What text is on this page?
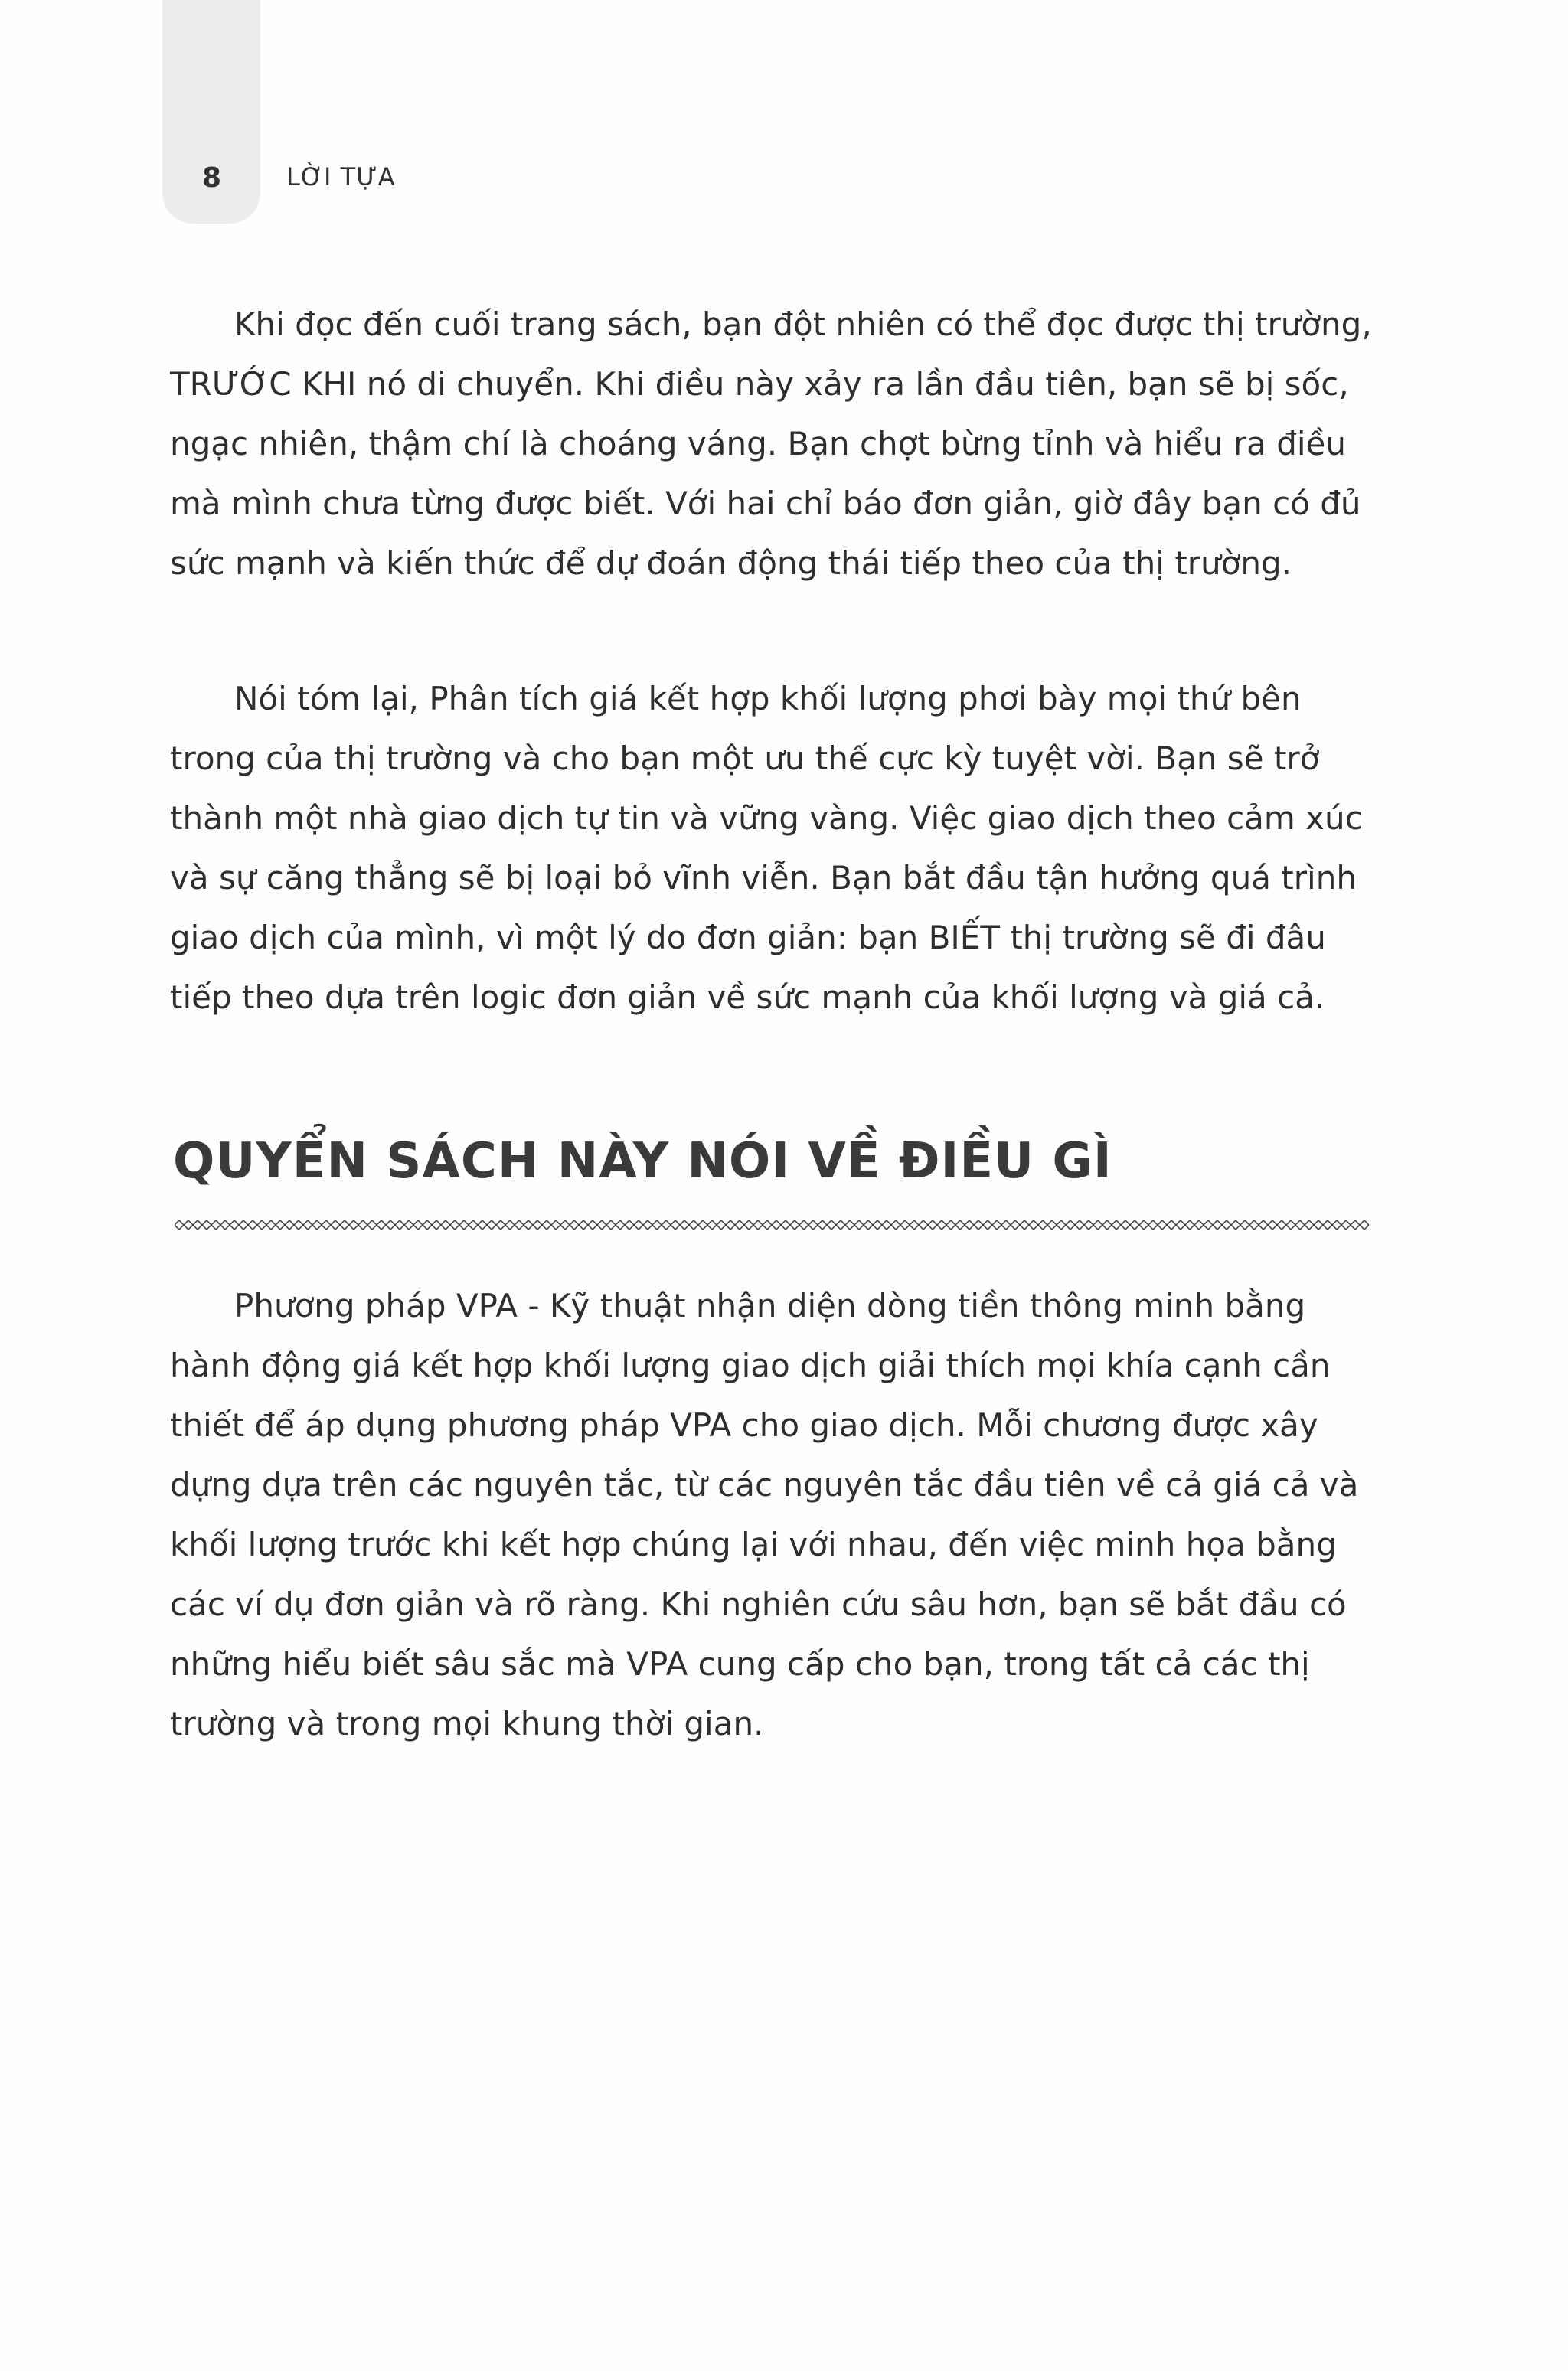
8	LỜI TỰA

Khi đọc đến cuối trang sách, bạn đột nhiên có thể đọc được thị trường, TRƯỚC KHI nó di chuyển. Khi điều này xảy ra lần đầu tiên, bạn sẽ bị sốc, ngạc nhiên, thậm chí là choáng váng. Bạn chợt bừng tỉnh và hiểu ra điều mà mình chưa từng được biết. Với hai chỉ báo đơn giản, giờ đây bạn có đủ sức mạnh và kiến thức để dự đoán động thái tiếp theo của thị trường.

Nói tóm lại, Phân tích giá kết hợp khối lượng phơi bày mọi thứ bên trong của thị trường và cho bạn một ưu thế cực kỳ tuyệt vời. Bạn sẽ trở thành một nhà giao dịch tự tin và vững vàng. Việc giao dịch theo cảm xúc và sự căng thẳng sẽ bị loại bỏ vĩnh viễn. Bạn bắt đầu tận hưởng quá trình giao dịch của mình, vì một lý do đơn giản: bạn BIẾT thị trường sẽ đi đâu tiếp theo dựa trên logic đơn giản về sức mạnh của khối lượng và giá cả.

QUYỂN SÁCH NÀY NÓI VỀ ĐIỀU GÌ

Phương pháp VPA - Kỹ thuật nhận diện dòng tiền thông minh bằng hành động giá kết hợp khối lượng giao dịch giải thích mọi khía cạnh cần thiết để áp dụng phương pháp VPA cho giao dịch. Mỗi chương được xây dựng dựa trên các nguyên tắc, từ các nguyên tắc đầu tiên về cả giá cả và khối lượng trước khi kết hợp chúng lại với nhau, đến việc minh họa bằng các ví dụ đơn giản và rõ ràng. Khi nghiên cứu sâu hơn, bạn sẽ bắt đầu có những hiểu biết sâu sắc mà VPA cung cấp cho bạn, trong tất cả các thị trường và trong mọi khung thời gian.
